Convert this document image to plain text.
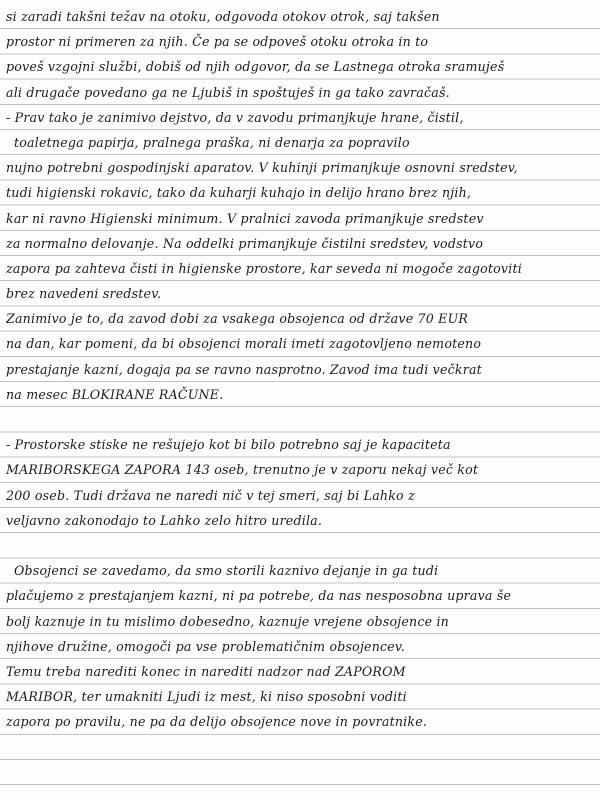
si zaradi takšni težav na otoku, odgovoda otokov otrok, saj takšen
prostor ni primeren za njih. Če pa se odpoveš otoku otroka in to
poveš vzgojni službi, dobiš od njih odgovor, da se Lastnega otroka sramuješ
ali drugače povedano ga ne Ljubiš in spoštuješ in ga tako zavračaš.
- Prav tako je zanimivo dejstvo, da v zavodu primanjkuje hrane, čistil,
toaletnega papirja, pralnega praška, ni denarja za popravilo
nujno potrebni gospodinjski aparatov. V kuhinji primanjkuje osnovni sredstev,
tudi higienski rokavic, tako da kuharji kuhajo in delijo hrano brez njih,
kar ni ravno Higienski minimum. V pralnici zavoda primanjkuje sredstev
za normalno delovanje. Na oddelki primanjkuje čistilni sredstev, vodstvo
zapora pa zahteva čisti in higienske prostore, kar seveda ni mogoče zagotoviti
brez navedeni sredstev.
Zanimivo je to, da zavod dobi za vsakega obsojenca od države 70 EUR
na dan, kar pomeni, da bi obsojenci morali imeti zagotovljeno nemoteno
prestajanje kazni, dogaja pa se ravno nasprotno. Zavod ima tudi večkrat
na mesec BLOKIRANE RAČUNE.
- Prostorske stiske ne rešujejo kot bi bilo potrebno saj je kapaciteta
MARIBORSKEGA ZAPORA 143 oseb, trenutno je v zaporu nekaj več kot
200 oseb. Tudi država ne naredi nič v tej smeri, saj bi Lahko z
veljavno zakonodajo to Lahko zelo hitro uredila.
Obsojenci se zavedamo, da smo storili kaznivo dejanje in ga tudi
plačujemo z prestajanjem kazni, ni pa potrebe, da nas nesposobna uprava še
bolj kaznuje in tu mislimo dobesedno, kaznuje vrejene obsojence in
njihove družine, omogoči pa vse problematičnim obsojencev.
Temu treba narediti konec in narediti nadzor nad ZAPOROM
MARIBOR, ter umakniti Ljudi iz mest, ki niso sposobni voditi
zapora po pravilu, ne pa da delijo obsojence nove in povratnike.
